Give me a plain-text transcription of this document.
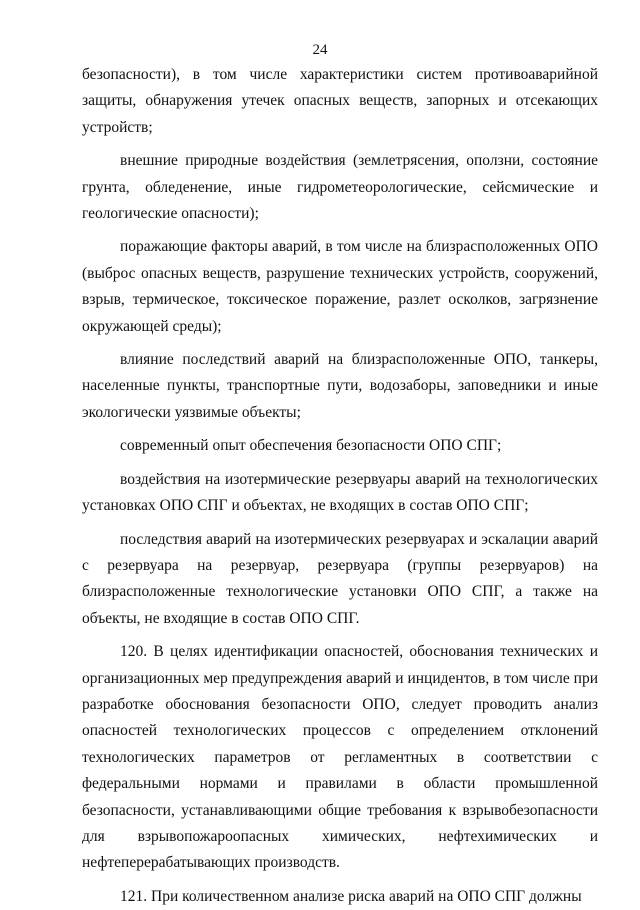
24

безопасности), в том числе характеристики систем противоаварийной защиты, обнаружения утечек опасных веществ, запорных и отсекающих устройств;

внешние природные воздействия (землетрясения, оползни, состояние грунта, обледенение, иные гидрометеорологические, сейсмические и геологические опасности);

поражающие факторы аварий, в том числе на близрасположенных ОПО (выброс опасных веществ, разрушение технических устройств, сооружений, взрыв, термическое, токсическое поражение, разлет осколков, загрязнение окружающей среды);

влияние последствий аварий на близрасположенные ОПО, танкеры, населенные пункты, транспортные пути, водозаборы, заповедники и иные экологически уязвимые объекты;

современный опыт обеспечения безопасности ОПО СПГ;

воздействия на изотермические резервуары аварий на технологических установках ОПО СПГ и объектах, не входящих в состав ОПО СПГ;

последствия аварий на изотермических резервуарах и эскалации аварий с резервуара на резервуар, резервуара (группы резервуаров) на близрасположенные технологические установки ОПО СПГ, а также на объекты, не входящие в состав ОПО СПГ.

120. В целях идентификации опасностей, обоснования технических и организационных мер предупреждения аварий и инцидентов, в том числе при разработке обоснования безопасности ОПО, следует проводить анализ опасностей технологических процессов с определением отклонений технологических параметров от регламентных в соответствии с федеральными нормами и правилами в области промышленной безопасности, устанавливающими общие требования к взрывобезопасности для взрывопожароопасных химических, нефтехимических и нефтеперерабатывающих производств.

121. При количественном анализе риска аварий на ОПО СПГ должны
